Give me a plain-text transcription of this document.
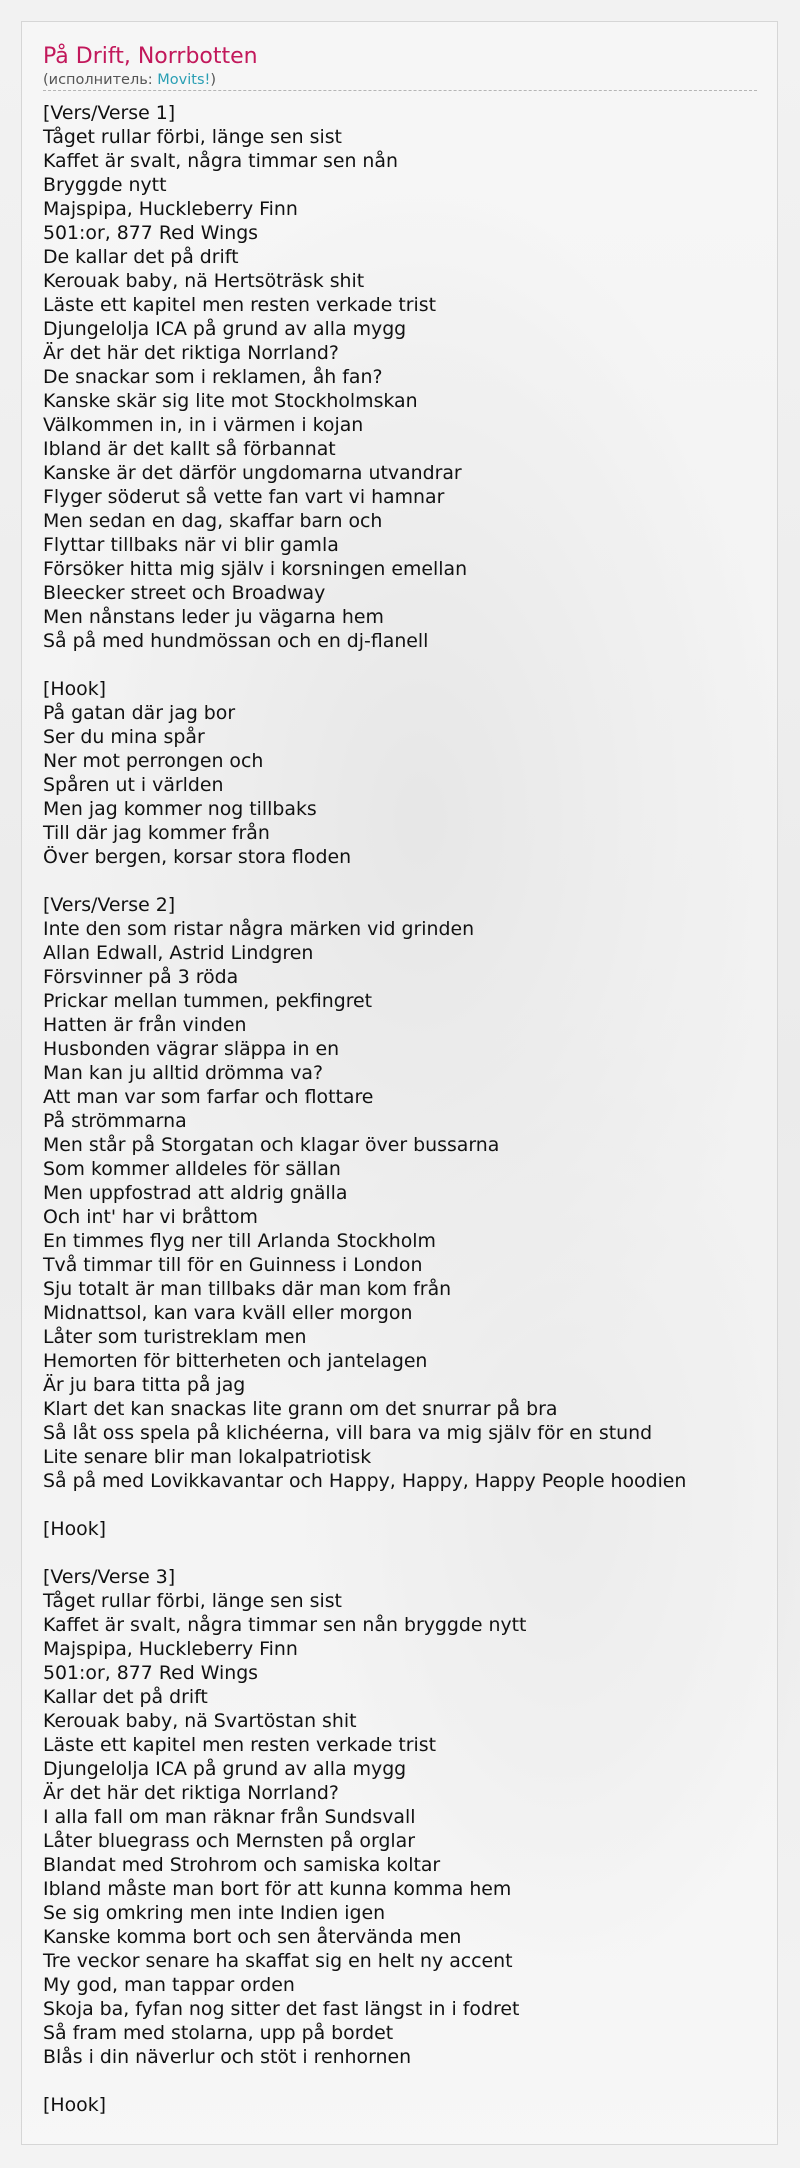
På Drift, Norrbotten
(исполнитель: Movits!)
[Vers/Verse 1]
Tåget rullar förbi, länge sen sist
Kaffet är svalt, några timmar sen nån
Bryggde nytt
Majspipa, Huckleberry Finn
501:or, 877 Red Wings
De kallar det på drift
Kerouak baby, nä Hertsöträsk shit
Läste ett kapitel men resten verkade trist
Djungelolja ICA på grund av alla mygg
Är det här det riktiga Norrland?
De snackar som i reklamen, åh fan?
Kanske skär sig lite mot Stockholmskan
Välkommen in, in i värmen i kojan
Ibland är det kallt så förbannat
Kanske är det därför ungdomarna utvandrar
Flyger söderut så vette fan vart vi hamnar
Men sedan en dag, skaffar barn och
Flyttar tillbaks när vi blir gamla
Försöker hitta mig själv i korsningen emellan
Bleecker street och Broadway
Men nånstans leder ju vägarna hem
Så på med hundmössan och en dj-flanell
[Hook]
På gatan där jag bor
Ser du mina spår
Ner mot perrongen och
Spåren ut i världen
Men jag kommer nog tillbaks
Till där jag kommer från
Över bergen, korsar stora floden
[Vers/Verse 2]
Inte den som ristar några märken vid grinden
Allan Edwall, Astrid Lindgren
Försvinner på 3 röda
Prickar mellan tummen, pekfingret
Hatten är från vinden
Husbonden vägrar släppa in en
Man kan ju alltid drömma va?
Att man var som farfar och flottare
På strömmarna
Men står på Storgatan och klagar över bussarna
Som kommer alldeles för sällan
Men uppfostrad att aldrig gnälla
Och int' har vi bråttom
En timmes flyg ner till Arlanda Stockholm
Två timmar till för en Guinness i London
Sju totalt är man tillbaks där man kom från
Midnattsol, kan vara kväll eller morgon
Låter som turistreklam men
Hemorten för bitterheten och jantelagen
Är ju bara titta på jag
Klart det kan snackas lite grann om det snurrar på bra
Så låt oss spela på klichéerna, vill bara va mig själv för en stund
Lite senare blir man lokalpatriotisk
Så på med Lovikkavantar och Happy, Happy, Happy People hoodien
[Hook]
[Vers/Verse 3]
Tåget rullar förbi, länge sen sist
Kaffet är svalt, några timmar sen nån bryggde nytt
Majspipa, Huckleberry Finn
501:or, 877 Red Wings
Kallar det på drift
Kerouak baby, nä Svartöstan shit
Läste ett kapitel men resten verkade trist
Djungelolja ICA på grund av alla mygg
Är det här det riktiga Norrland?
I alla fall om man räknar från Sundsvall
Låter bluegrass och Mernsten på orglar
Blandat med Strohrom och samiska koltar
Ibland måste man bort för att kunna komma hem
Se sig omkring men inte Indien igen
Kanske komma bort och sen återvända men
Tre veckor senare ha skaffat sig en helt ny accent
My god, man tappar orden
Skoja ba, fyfan nog sitter det fast längst in i fodret
Så fram med stolarna, upp på bordet
Blås i din näverlur och stöt i renhornen
[Hook]
